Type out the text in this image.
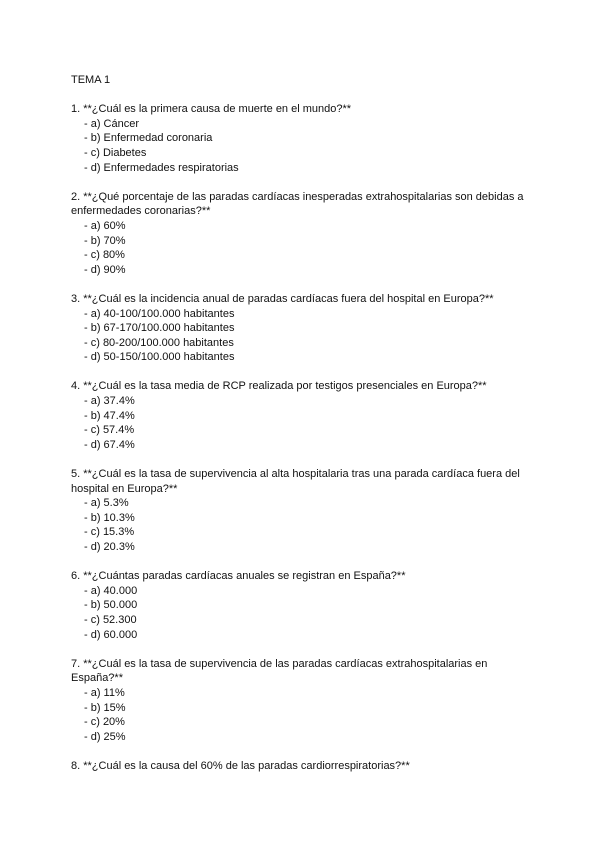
TEMA 1
1. **¿Cuál es la primera causa de muerte en el mundo?**
- a) Cáncer
- b) Enfermedad coronaria
- c) Diabetes
- d) Enfermedades respiratorias
2. **¿Qué porcentaje de las paradas cardíacas inesperadas extrahospitalarias son debidas a enfermedades coronarias?**
- a) 60%
- b) 70%
- c) 80%
- d) 90%
3. **¿Cuál es la incidencia anual de paradas cardíacas fuera del hospital en Europa?**
- a) 40-100/100.000 habitantes
- b) 67-170/100.000 habitantes
- c) 80-200/100.000 habitantes
- d) 50-150/100.000 habitantes
4. **¿Cuál es la tasa media de RCP realizada por testigos presenciales en Europa?**
- a) 37.4%
- b) 47.4%
- c) 57.4%
- d) 67.4%
5. **¿Cuál es la tasa de supervivencia al alta hospitalaria tras una parada cardíaca fuera del hospital en Europa?**
- a) 5.3%
- b) 10.3%
- c) 15.3%
- d) 20.3%
6. **¿Cuántas paradas cardíacas anuales se registran en España?**
- a) 40.000
- b) 50.000
- c) 52.300
- d) 60.000
7. **¿Cuál es la tasa de supervivencia de las paradas cardíacas extrahospitalarias en España?**
- a) 11%
- b) 15%
- c) 20%
- d) 25%
8. **¿Cuál es la causa del 60% de las paradas cardiorrespiratorias?**
